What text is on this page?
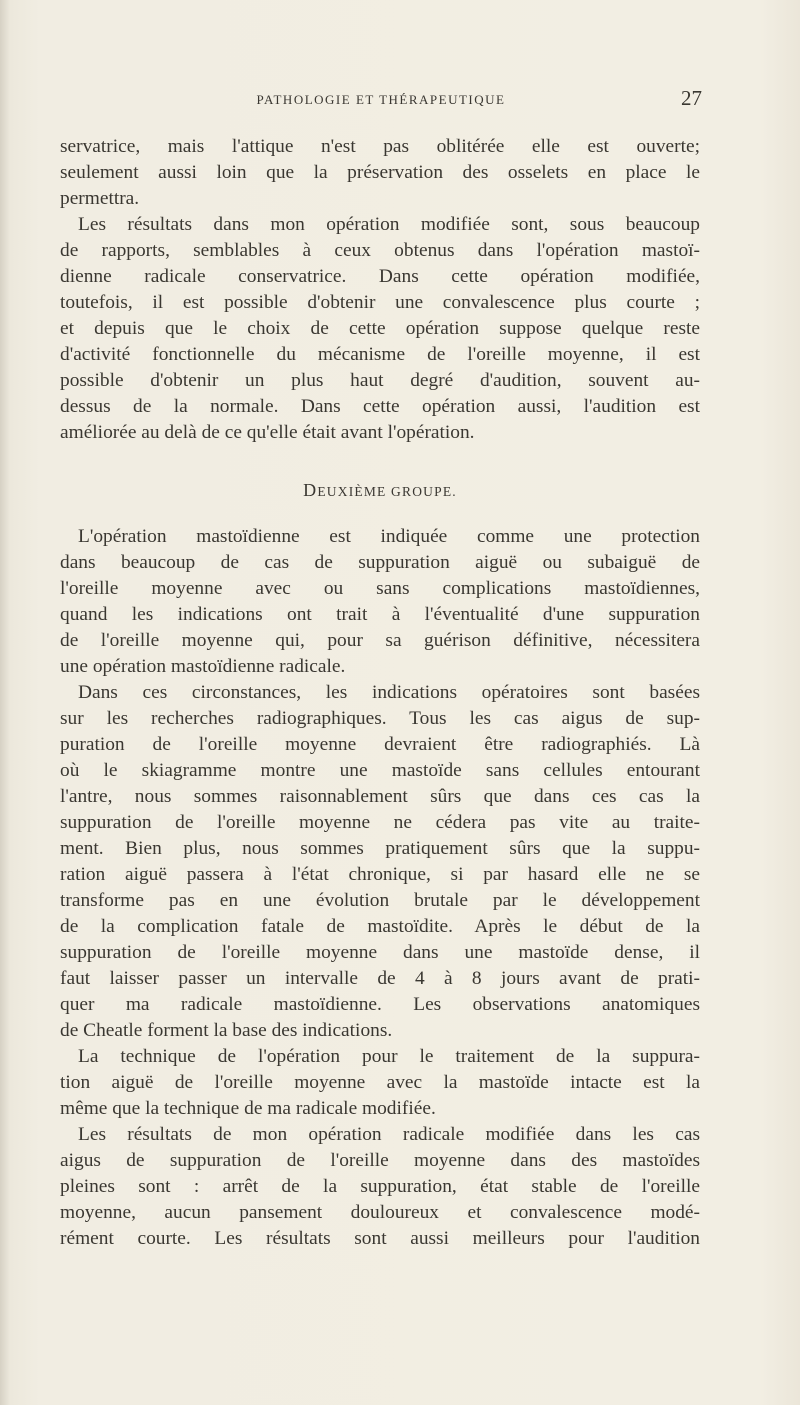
PATHOLOGIE ET THÉRAPEUTIQUE	27
servatrice, mais l'attique n'est pas oblitérée elle est ouverte;
seulement aussi loin que la préservation des osselets en place le
permettra.
Les résultats dans mon opération modifiée sont, sous beaucoup
de rapports, semblables à ceux obtenus dans l'opération mastoï-
dienne radicale conservatrice. Dans cette opération modifiée,
toutefois, il est possible d'obtenir une convalescence plus courte ;
et depuis que le choix de cette opération suppose quelque reste
d'activité fonctionnelle du mécanisme de l'oreille moyenne, il est
possible d'obtenir un plus haut degré d'audition, souvent au-
dessus de la normale. Dans cette opération aussi, l'audition est
améliorée au delà de ce qu'elle était avant l'opération.
DEUXIÈME GROUPE.
L'opération mastoïdienne est indiquée comme une protection
dans beaucoup de cas de suppuration aiguë ou subaiguë de
l'oreille moyenne avec ou sans complications mastoïdiennes,
quand les indications ont trait à l'éventualité d'une suppuration
de l'oreille moyenne qui, pour sa guérison définitive, nécessitera
une opération mastoïdienne radicale.
Dans ces circonstances, les indications opératoires sont basées
sur les recherches radiographiques. Tous les cas aigus de sup-
puration de l'oreille moyenne devraient être radiographiés. Là
où le skiagramme montre une mastoïde sans cellules entourant
l'antre, nous sommes raisonnablement sûrs que dans ces cas la
suppuration de l'oreille moyenne ne cédera pas vite au traite-
ment. Bien plus, nous sommes pratiquement sûrs que la suppu-
ration aiguë passera à l'état chronique, si par hasard elle ne se
transforme pas en une évolution brutale par le développement
de la complication fatale de mastoïdite. Après le début de la
suppuration de l'oreille moyenne dans une mastoïde dense, il
faut laisser passer un intervalle de 4 à 8 jours avant de prati-
quer ma radicale mastoïdienne. Les observations anatomiques
de Cheatle forment la base des indications.
La technique de l'opération pour le traitement de la suppura-
tion aiguë de l'oreille moyenne avec la mastoïde intacte est la
même que la technique de ma radicale modifiée.
Les résultats de mon opération radicale modifiée dans les cas
aigus de suppuration de l'oreille moyenne dans des mastoïdes
pleines sont : arrêt de la suppuration, état stable de l'oreille
moyenne, aucun pansement douloureux et convalescence modé-
rément courte. Les résultats sont aussi meilleurs pour l'audition
